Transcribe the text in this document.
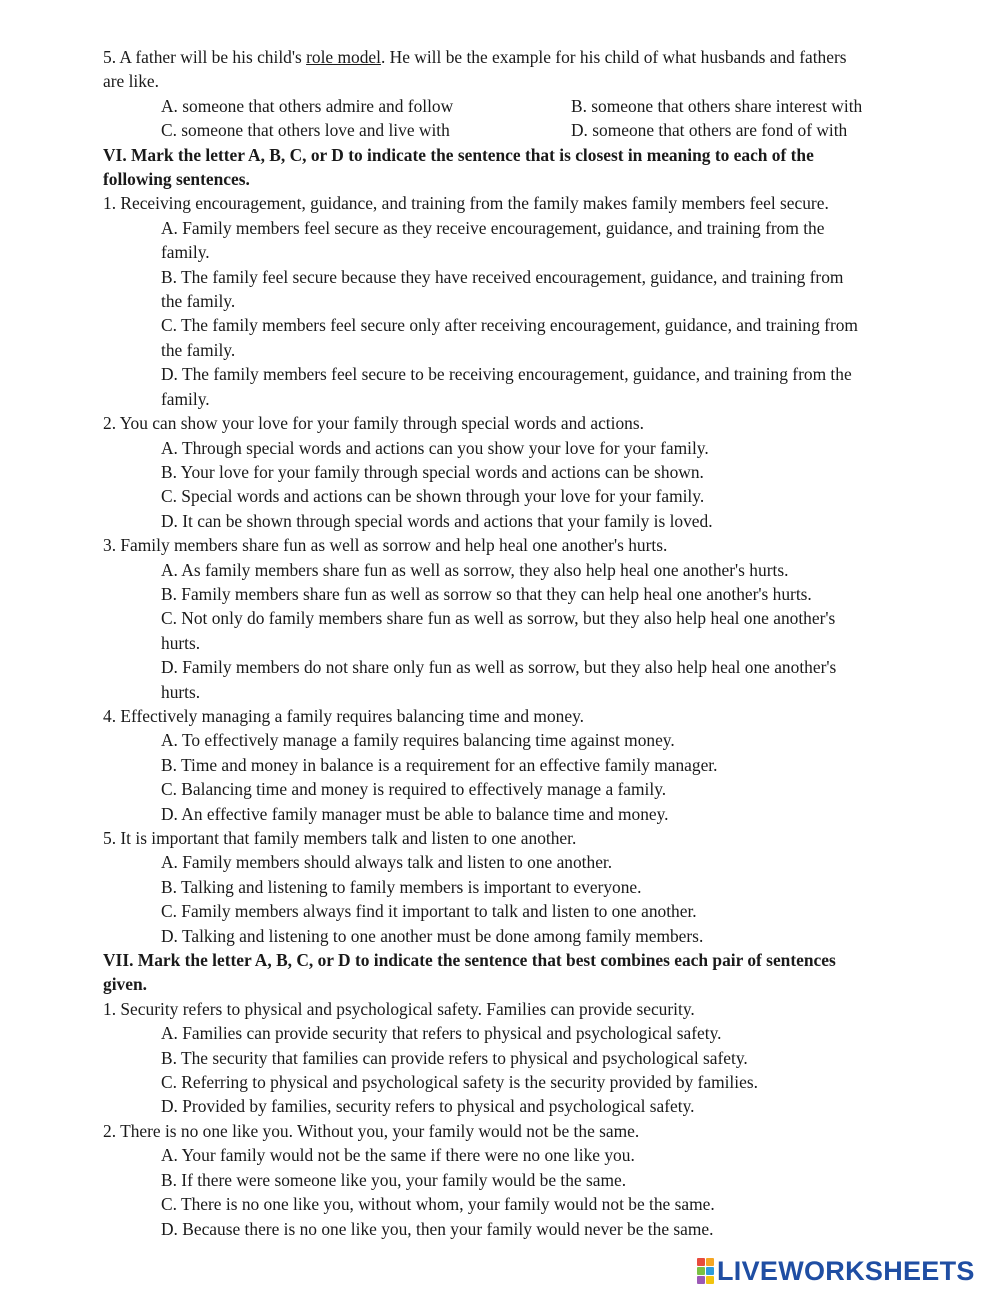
5. A father will be his child's role model. He will be the example for his child of what husbands and fathers
are like.
A. someone that others admire and follow	B. someone that others share interest with
C. someone that others love and live with	D. someone that others are fond of with
VI. Mark the letter A, B, C, or D to indicate the sentence that is closest in meaning to each of the
following sentences.
1. Receiving encouragement, guidance, and training from the family makes family members feel secure.
A. Family members feel secure as they receive encouragement, guidance, and training from the
family.
B. The family feel secure because they have received encouragement, guidance, and training from
the family.
C. The family members feel secure only after receiving encouragement, guidance, and training from
the family.
D. The family members feel secure to be receiving encouragement, guidance, and training from the
family.
2. You can show your love for your family through special words and actions.
A. Through special words and actions can you show your love for your family.
B. Your love for your family through special words and actions can be shown.
C. Special words and actions can be shown through your love for your family.
D. It can be shown through special words and actions that your family is loved.
3. Family members share fun as well as sorrow and help heal one another's hurts.
A. As family members share fun as well as sorrow, they also help heal one another's hurts.
B. Family members share fun as well as sorrow so that they can help heal one another's hurts.
C. Not only do family members share fun as well as sorrow, but they also help heal one another's
hurts.
D. Family members do not share only fun as well as sorrow, but they also help heal one another's
hurts.
4. Effectively managing a family requires balancing time and money.
A. To effectively manage a family requires balancing time against money.
B. Time and money in balance is a requirement for an effective family manager.
C. Balancing time and money is required to effectively manage a family.
D. An effective family manager must be able to balance time and money.
5. It is important that family members talk and listen to one another.
A. Family members should always talk and listen to one another.
B. Talking and listening to family members is important to everyone.
C. Family members always find it important to talk and listen to one another.
D. Talking and listening to one another must be done among family members.
VII. Mark the letter A, B, C, or D to indicate the sentence that best combines each pair of sentences
given.
1. Security refers to physical and psychological safety. Families can provide security.
A. Families can provide security that refers to physical and psychological safety.
B. The security that families can provide refers to physical and psychological safety.
C. Referring to physical and psychological safety is the security provided by families.
D. Provided by families, security refers to physical and psychological safety.
2. There is no one like you. Without you, your family would not be the same.
A. Your family would not be the same if there were no one like you.
B. If there were someone like you, your family would be the same.
C. There is no one like you, without whom, your family would not be the same.
D. Because there is no one like you, then your family would never be the same.
LIVEWORKSHEETS
